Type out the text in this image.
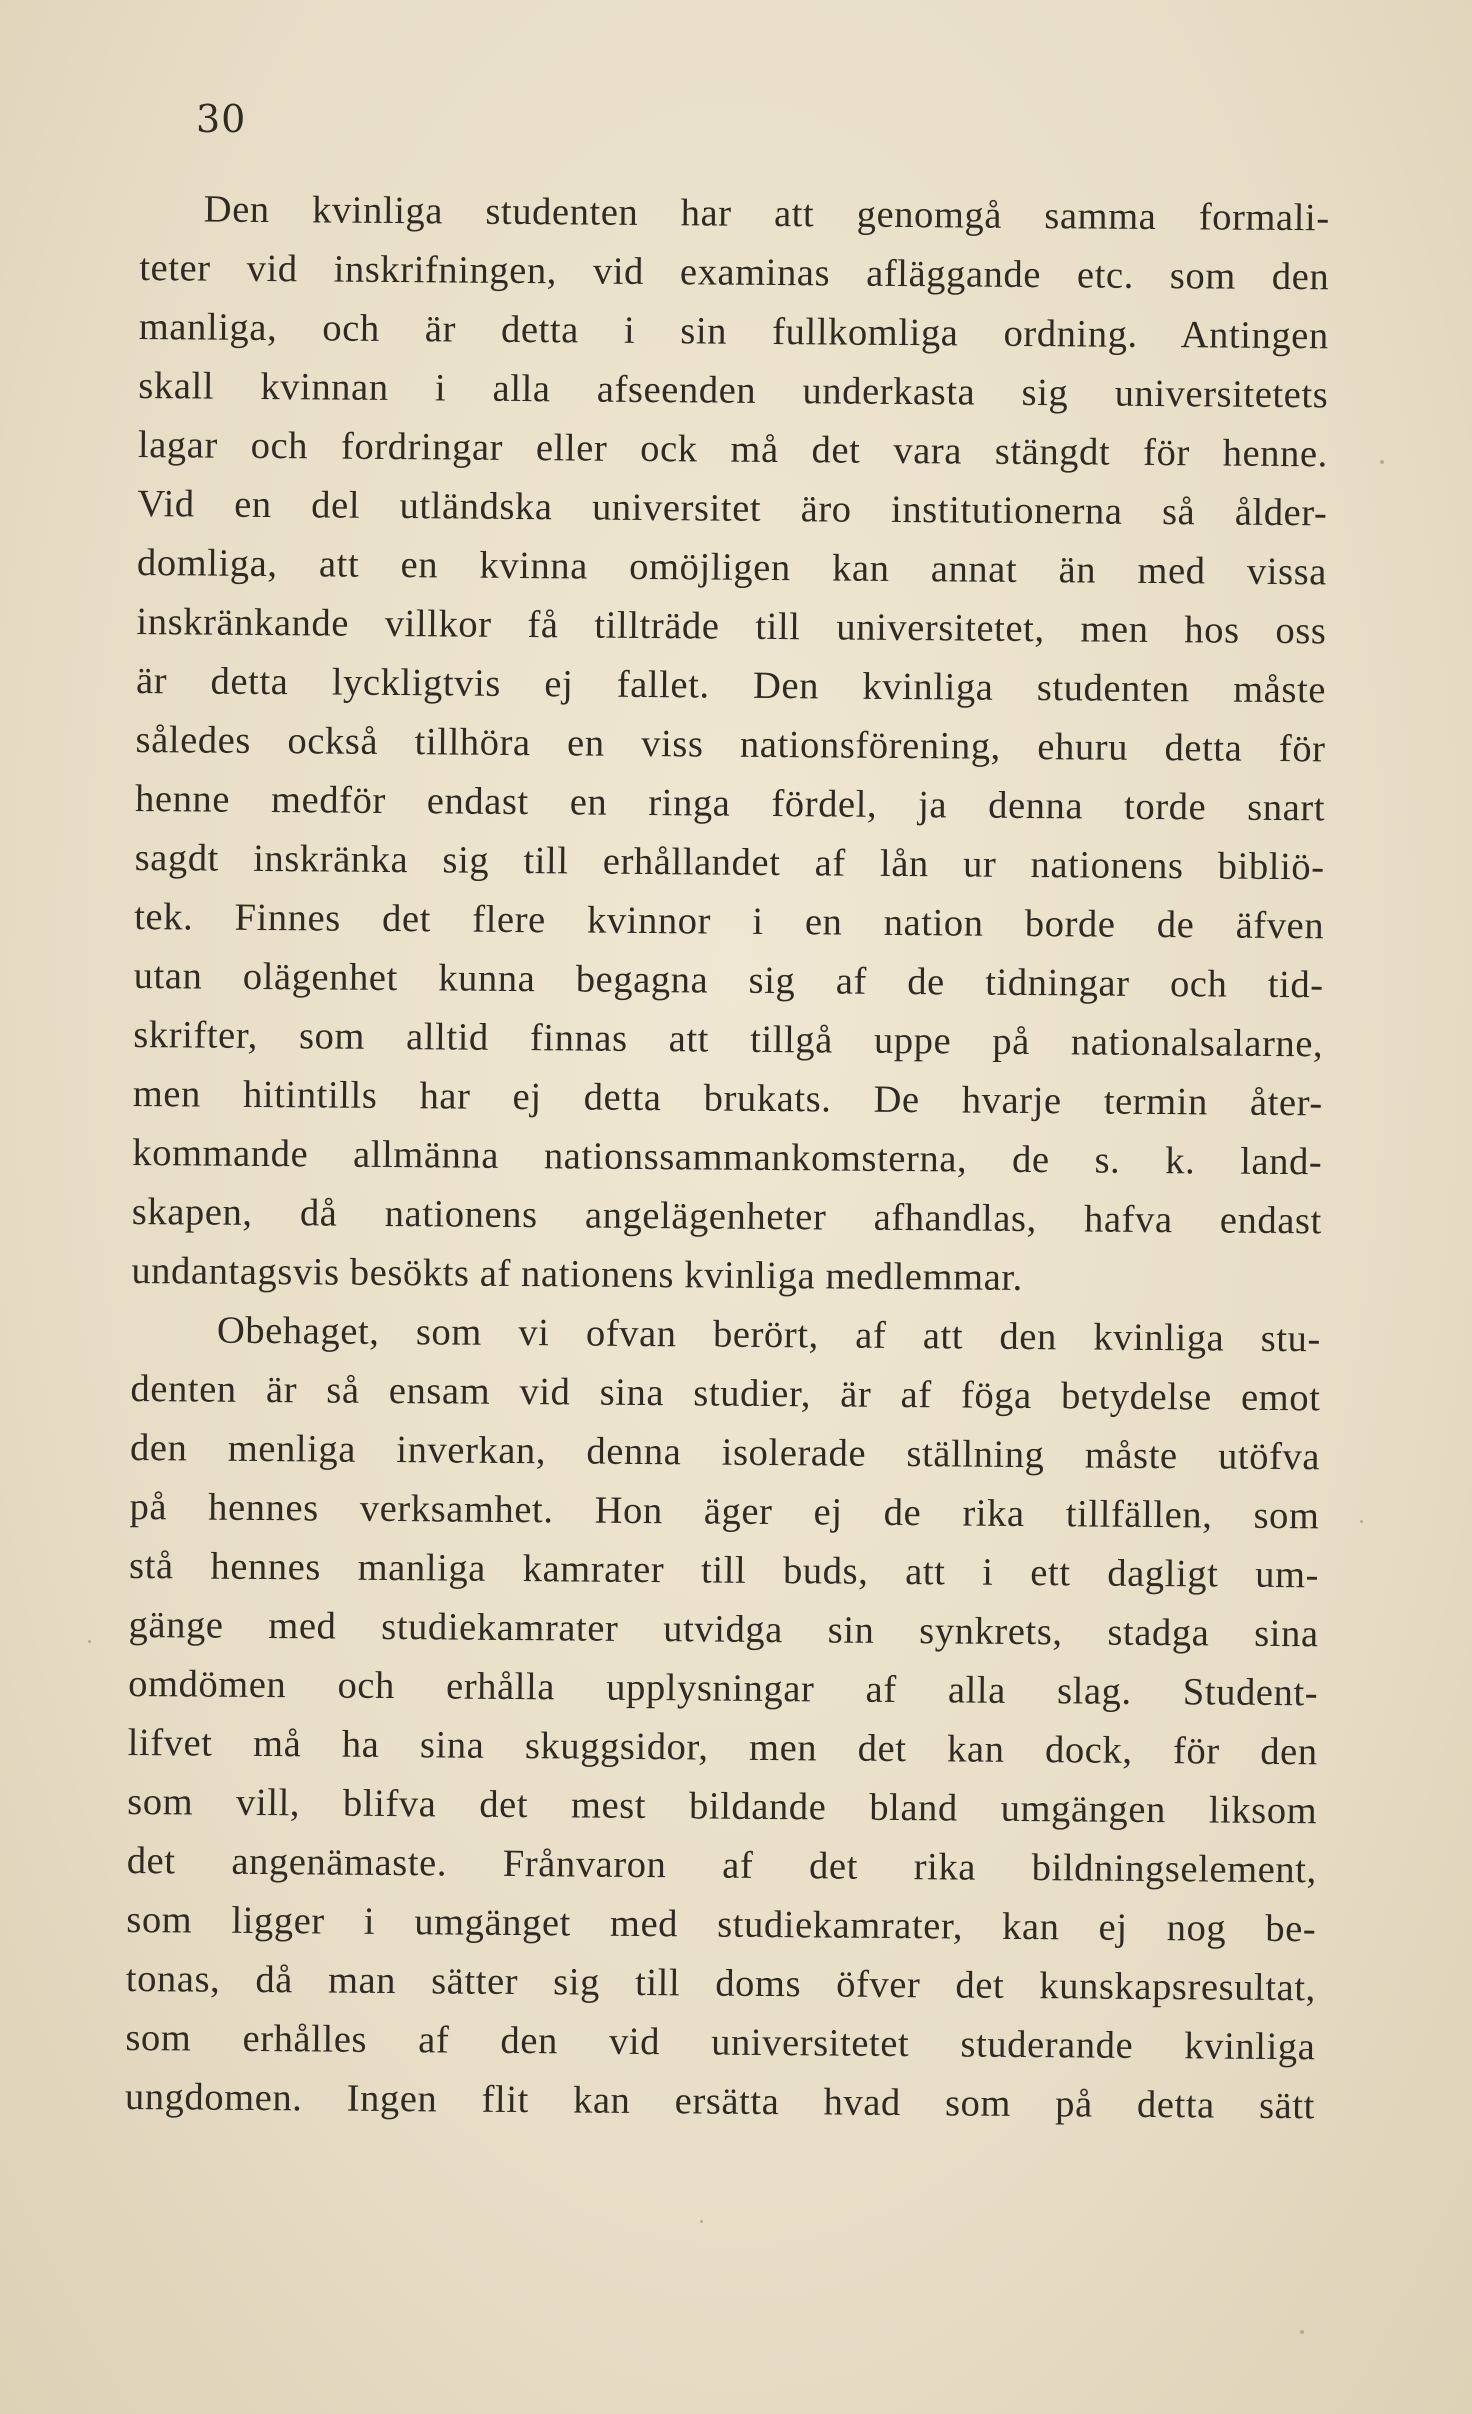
30
Den kvinliga studenten har att genomgå samma formali-
teter vid inskrifningen, vid examinas afläggande etc. som den
manliga, och är detta i sin fullkomliga ordning. Antingen
skall kvinnan i alla afseenden underkasta sig universitetets
lagar och fordringar eller ock må det vara stängdt för henne.
Vid en del utländska universitet äro institutionerna så ålder-
domliga, att en kvinna omöjligen kan annat än med vissa
inskränkande villkor få tillträde till universitetet, men hos oss
är detta lyckligtvis ej fallet. Den kvinliga studenten måste
således också tillhöra en viss nationsförening, ehuru detta för
henne medför endast en ringa fördel, ja denna torde snart
sagdt inskränka sig till erhållandet af lån ur nationens bibliö-
tek. Finnes det flere kvinnor i en nation borde de äfven
utan olägenhet kunna begagna sig af de tidningar och tid-
skrifter, som alltid finnas att tillgå uppe på nationalsalarne,
men hitintills har ej detta brukats. De hvarje termin åter-
kommande allmänna nationssammankomsterna, de s. k. land-
skapen, då nationens angelägenheter afhandlas, hafva endast
undantagsvis besökts af nationens kvinliga medlemmar.
Obehaget, som vi ofvan berört, af att den kvinliga stu-
denten är så ensam vid sina studier, är af föga betydelse emot
den menliga inverkan, denna isolerade ställning måste utöfva
på hennes verksamhet. Hon äger ej de rika tillfällen, som
stå hennes manliga kamrater till buds, att i ett dagligt um-
gänge med studiekamrater utvidga sin synkrets, stadga sina
omdömen och erhålla upplysningar af alla slag. Student-
lifvet må ha sina skuggsidor, men det kan dock, för den
som vill, blifva det mest bildande bland umgängen liksom
det angenämaste. Frånvaron af det rika bildningselement,
som ligger i umgänget med studiekamrater, kan ej nog be-
tonas, då man sätter sig till doms öfver det kunskapsresultat,
som erhålles af den vid universitetet studerande kvinliga
ungdomen. Ingen flit kan ersätta hvad som på detta sätt
